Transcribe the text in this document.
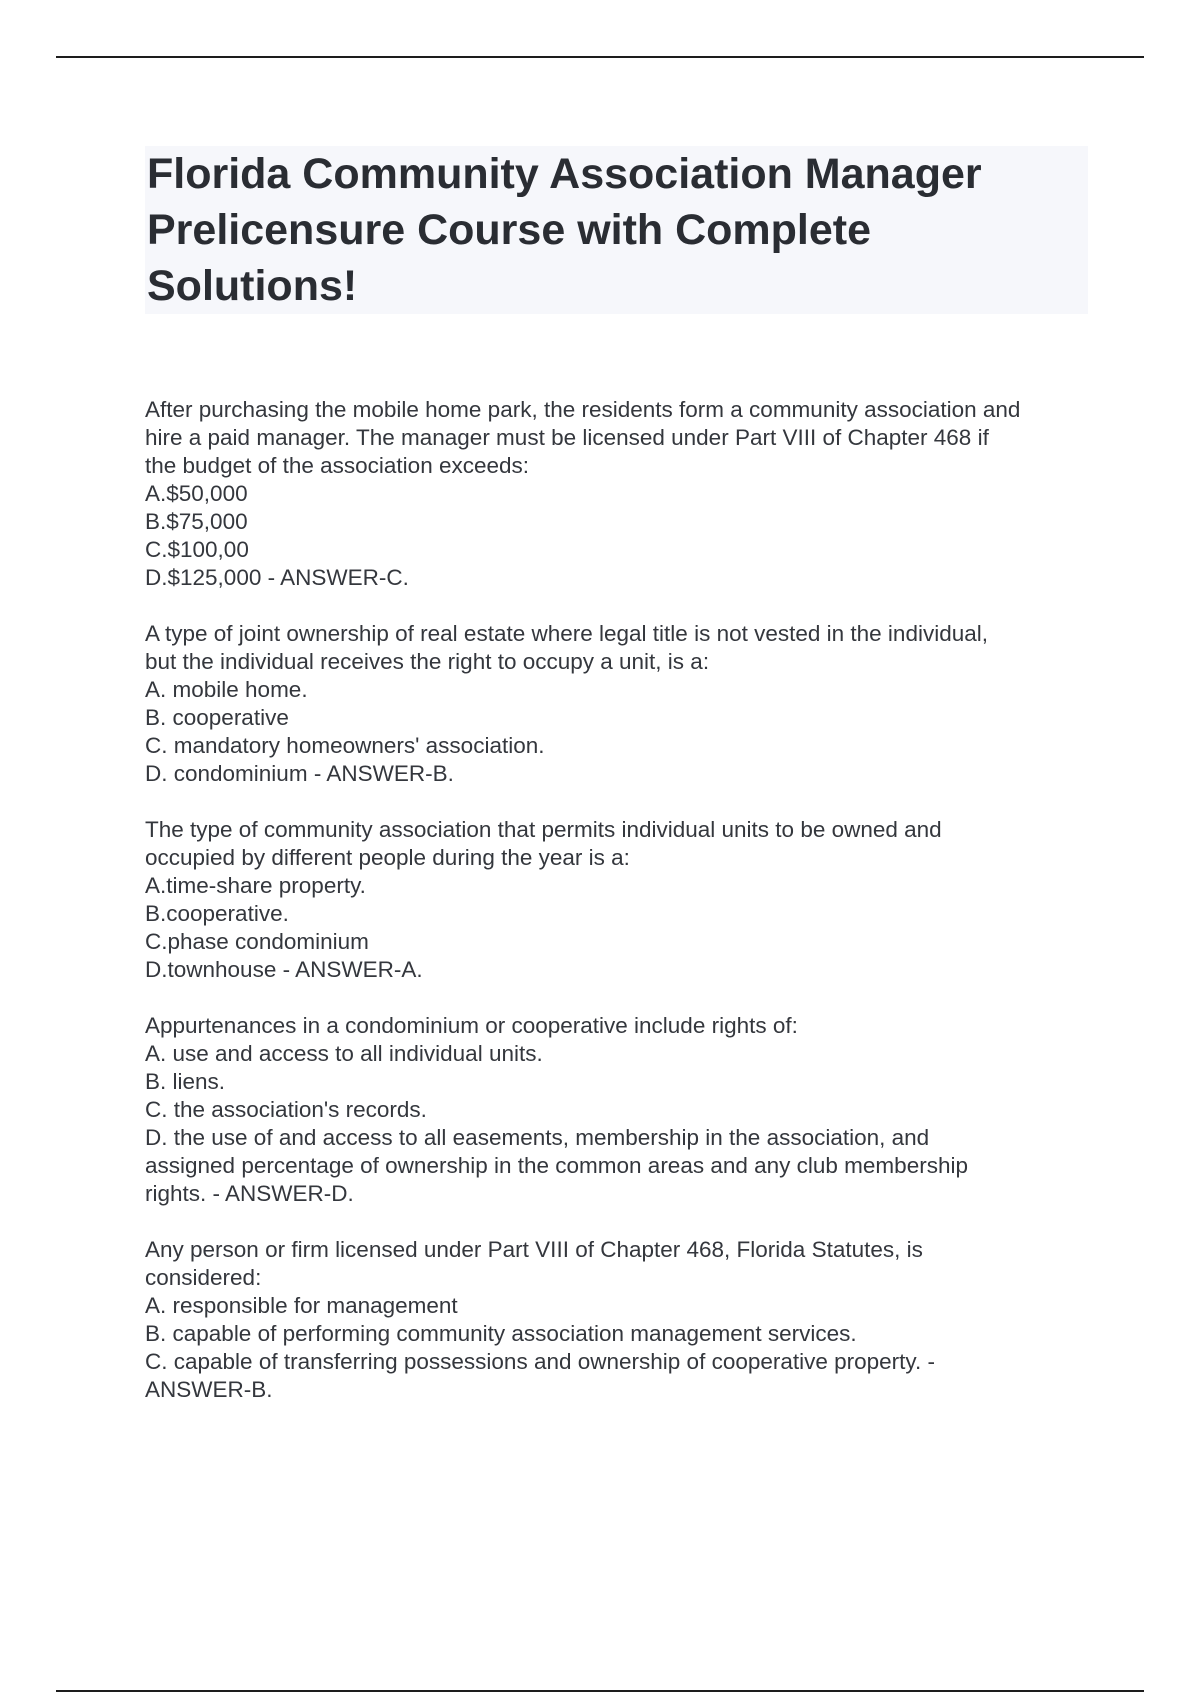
Florida Community Association Manager Prelicensure Course with Complete Solutions!
After purchasing the mobile home park, the residents form a community association and
hire a paid manager. The manager must be licensed under Part VIII of Chapter 468 if
the budget of the association exceeds:
A.$50,000
B.$75,000
C.$100,00
D.$125,000 - ANSWER-C.
A type of joint ownership of real estate where legal title is not vested in the individual,
but the individual receives the right to occupy a unit, is a:
A. mobile home.
B. cooperative
C. mandatory homeowners' association.
D. condominium - ANSWER-B.
The type of community association that permits individual units to be owned and
occupied by different people during the year is a:
A.time-share property.
B.cooperative.
C.phase condominium
D.townhouse - ANSWER-A.
Appurtenances in a condominium or cooperative include rights of:
A. use and access to all individual units.
B. liens.
C. the association's records.
D. the use of and access to all easements, membership in the association, and
assigned percentage of ownership in the common areas and any club membership
rights. - ANSWER-D.
Any person or firm licensed under Part VIII of Chapter 468, Florida Statutes, is
considered:
A. responsible for management
B. capable of performing community association management services.
C. capable of transferring possessions and ownership of cooperative property. -
ANSWER-B.
